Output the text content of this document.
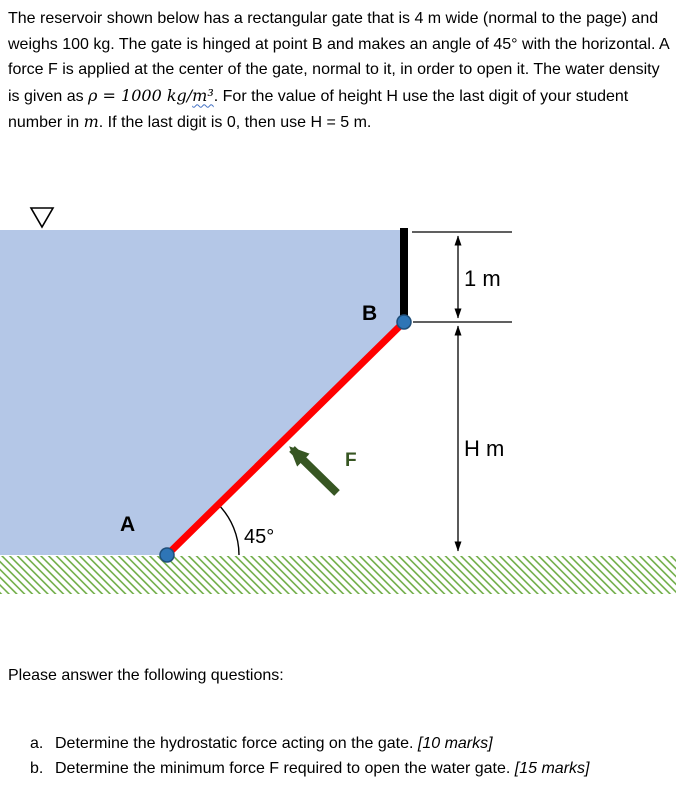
The reservoir shown below has a rectangular gate that is 4 m wide (normal to the page) and weighs 100 kg. The gate is hinged at point B and makes an angle of 45° with the horizontal. A force F is applied at the center of the gate, normal to it, in order to open it. The water density is given as ρ = 1000 kg/m³. For the value of height H use the last digit of your student number in m. If the last digit is 0, then use H = 5 m.

B
A
F
45°
1 m
H m

Please answer the following questions:

a. Determine the hydrostatic force acting on the gate. [10 marks]
b. Determine the minimum force F required to open the water gate. [15 marks]
